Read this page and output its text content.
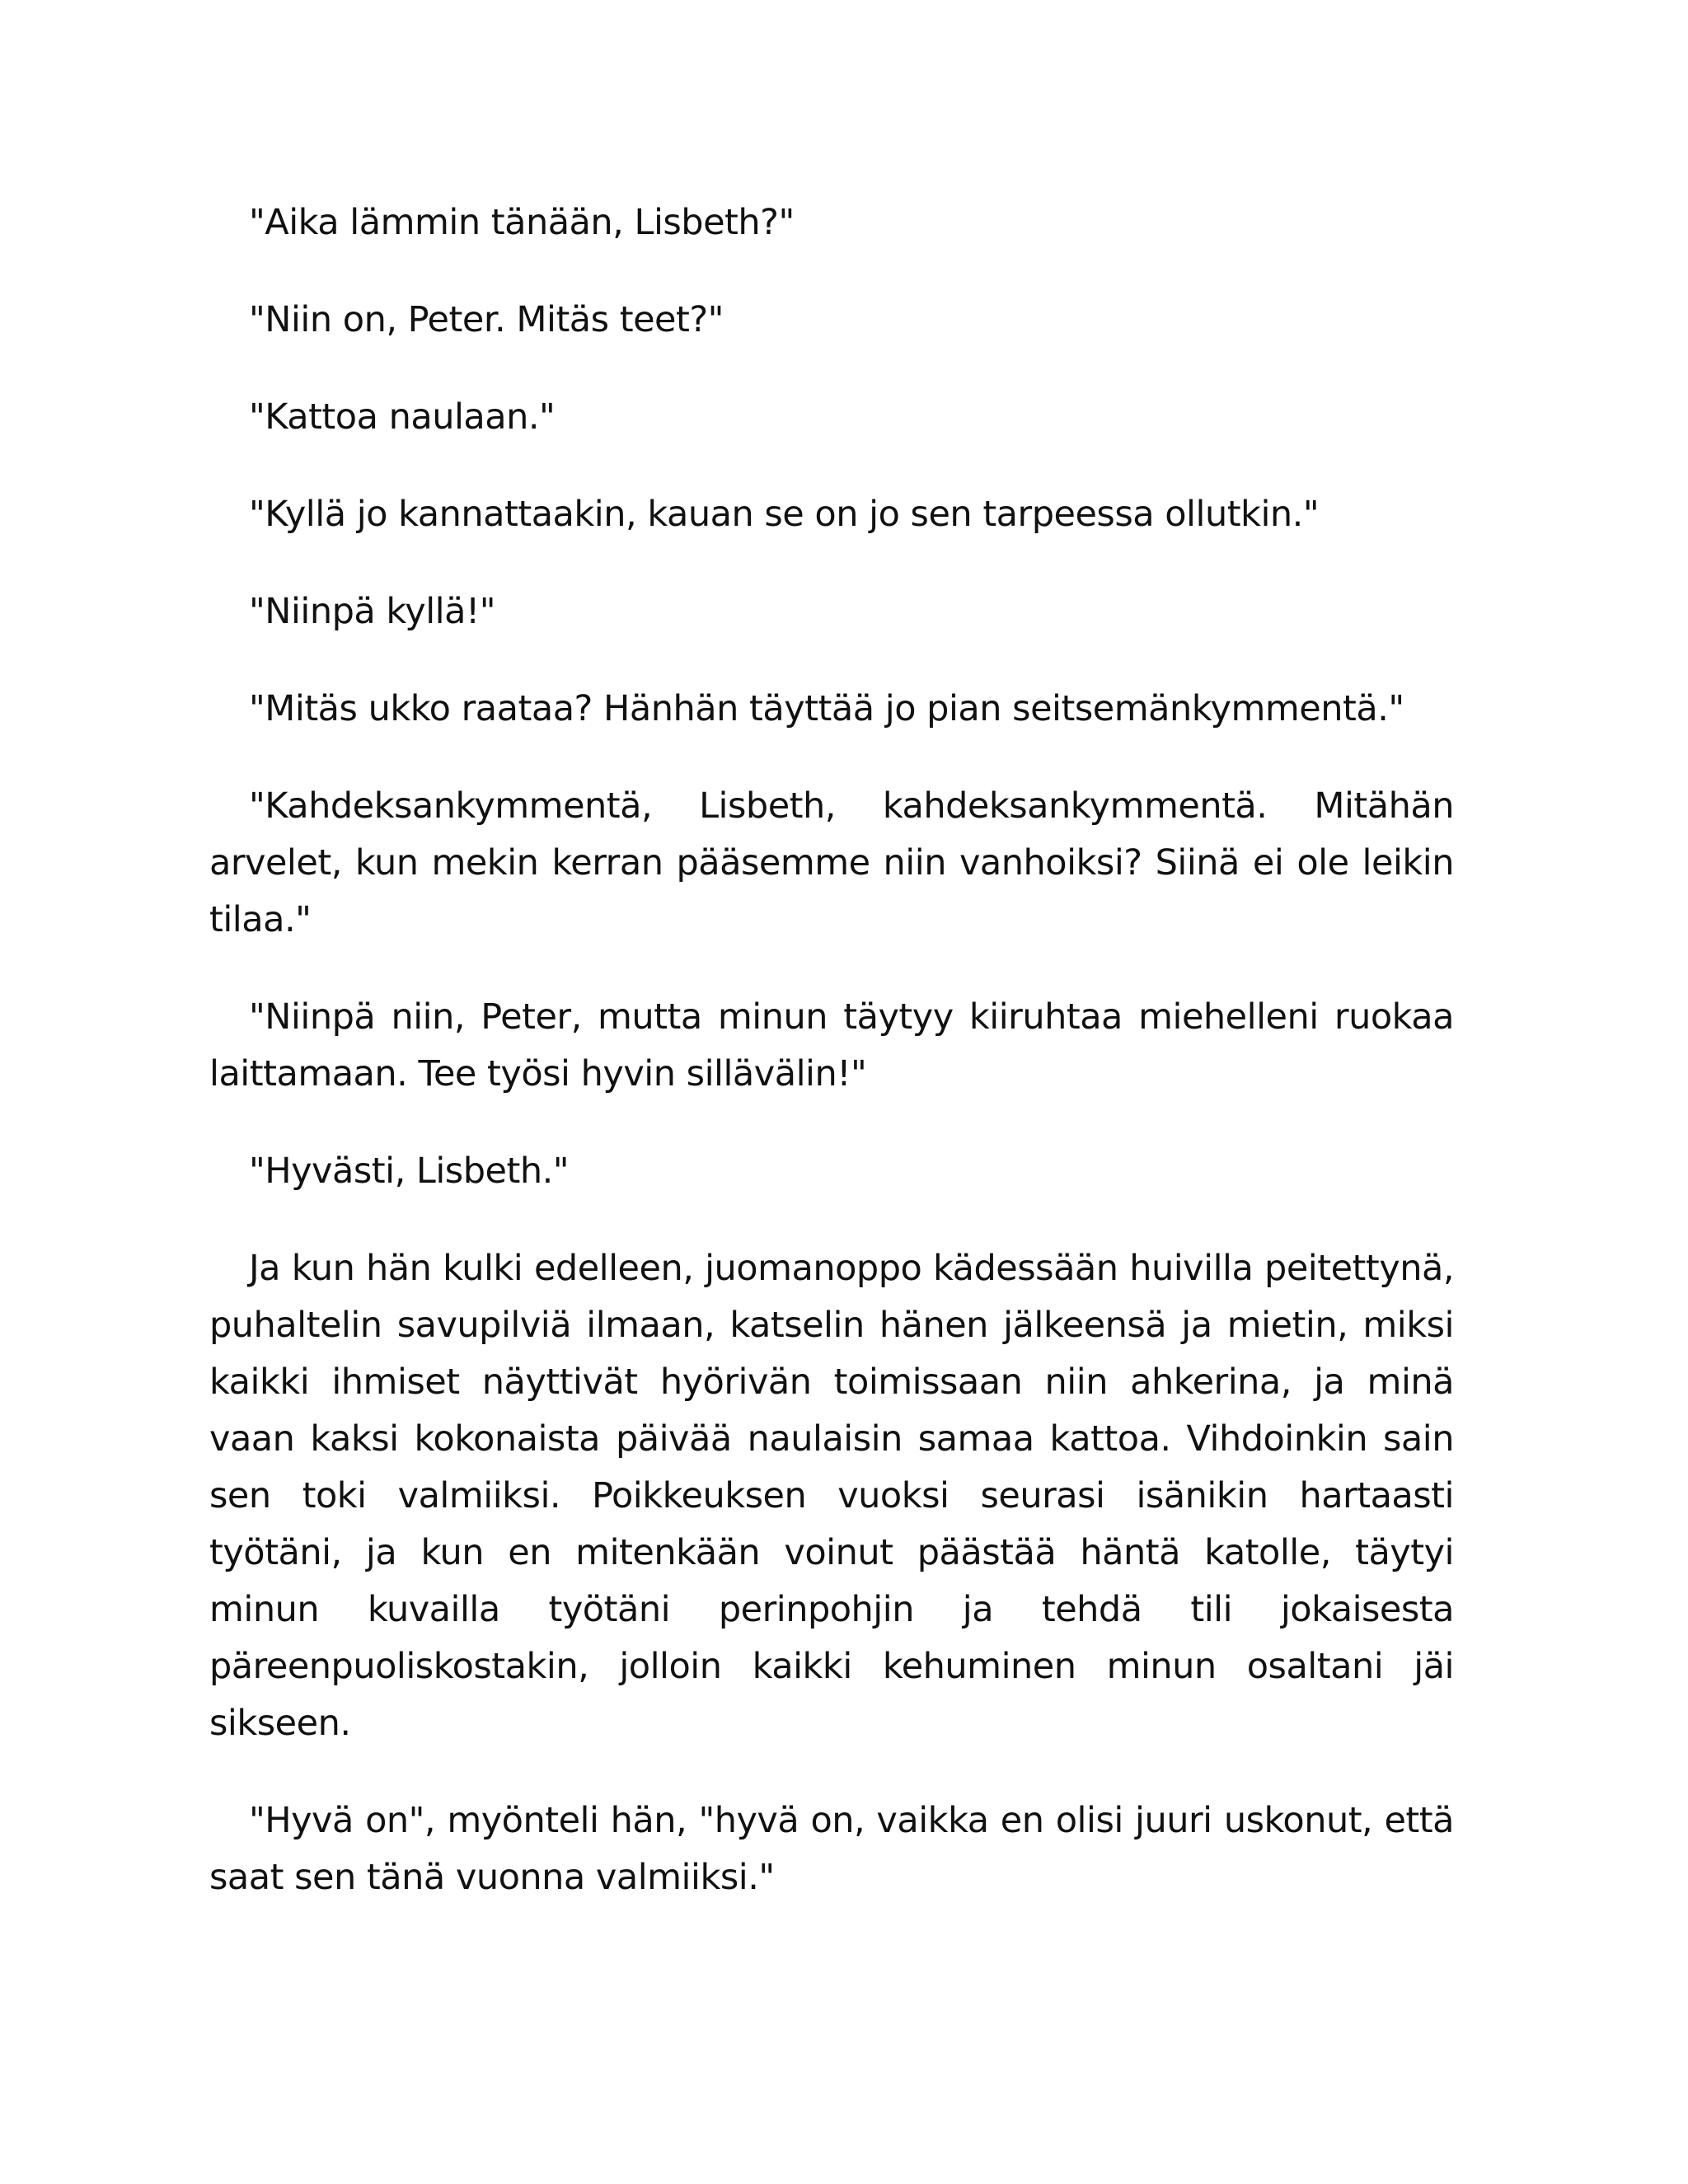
"Aika lämmin tänään, Lisbeth?"

"Niin on, Peter. Mitäs teet?"

"Kattoa naulaan."

"Kyllä jo kannattaakin, kauan se on jo sen tarpeessa ollutkin."

"Niinpä kyllä!"

"Mitäs ukko raataa? Hänhän täyttää jo pian seitsemänkymmentä."

"Kahdeksankymmentä, Lisbeth, kahdeksankymmentä. Mitähän arvelet, kun mekin kerran pääsemme niin vanhoiksi? Siinä ei ole leikin tilaa."

"Niinpä niin, Peter, mutta minun täytyy kiiruhtaa miehelleni ruokaa laittamaan. Tee työsi hyvin sillävälin!"

"Hyvästi, Lisbeth."

Ja kun hän kulki edelleen, juomanoppo kädessään huivilla peitettynä, puhaltelin savupilviä ilmaan, katselin hänen jälkeensä ja mietin, miksi kaikki ihmiset näyttivät hyörivän toimissaan niin ahkerina, ja minä vaan kaksi kokonaista päivää naulaisin samaa kattoa. Vihdoinkin sain sen toki valmiiksi. Poikkeuksen vuoksi seurasi isänikin hartaasti työtäni, ja kun en mitenkään voinut päästää häntä katolle, täytyi minun kuvailla työtäni perinpohjin ja tehdä tili jokaisesta päreenpuoliskostakin, jolloin kaikki kehuminen minun osaltani jäi sikseen.

"Hyvä on", myönteli hän, "hyvä on, vaikka en olisi juuri uskonut, että saat sen tänä vuonna valmiiksi."
